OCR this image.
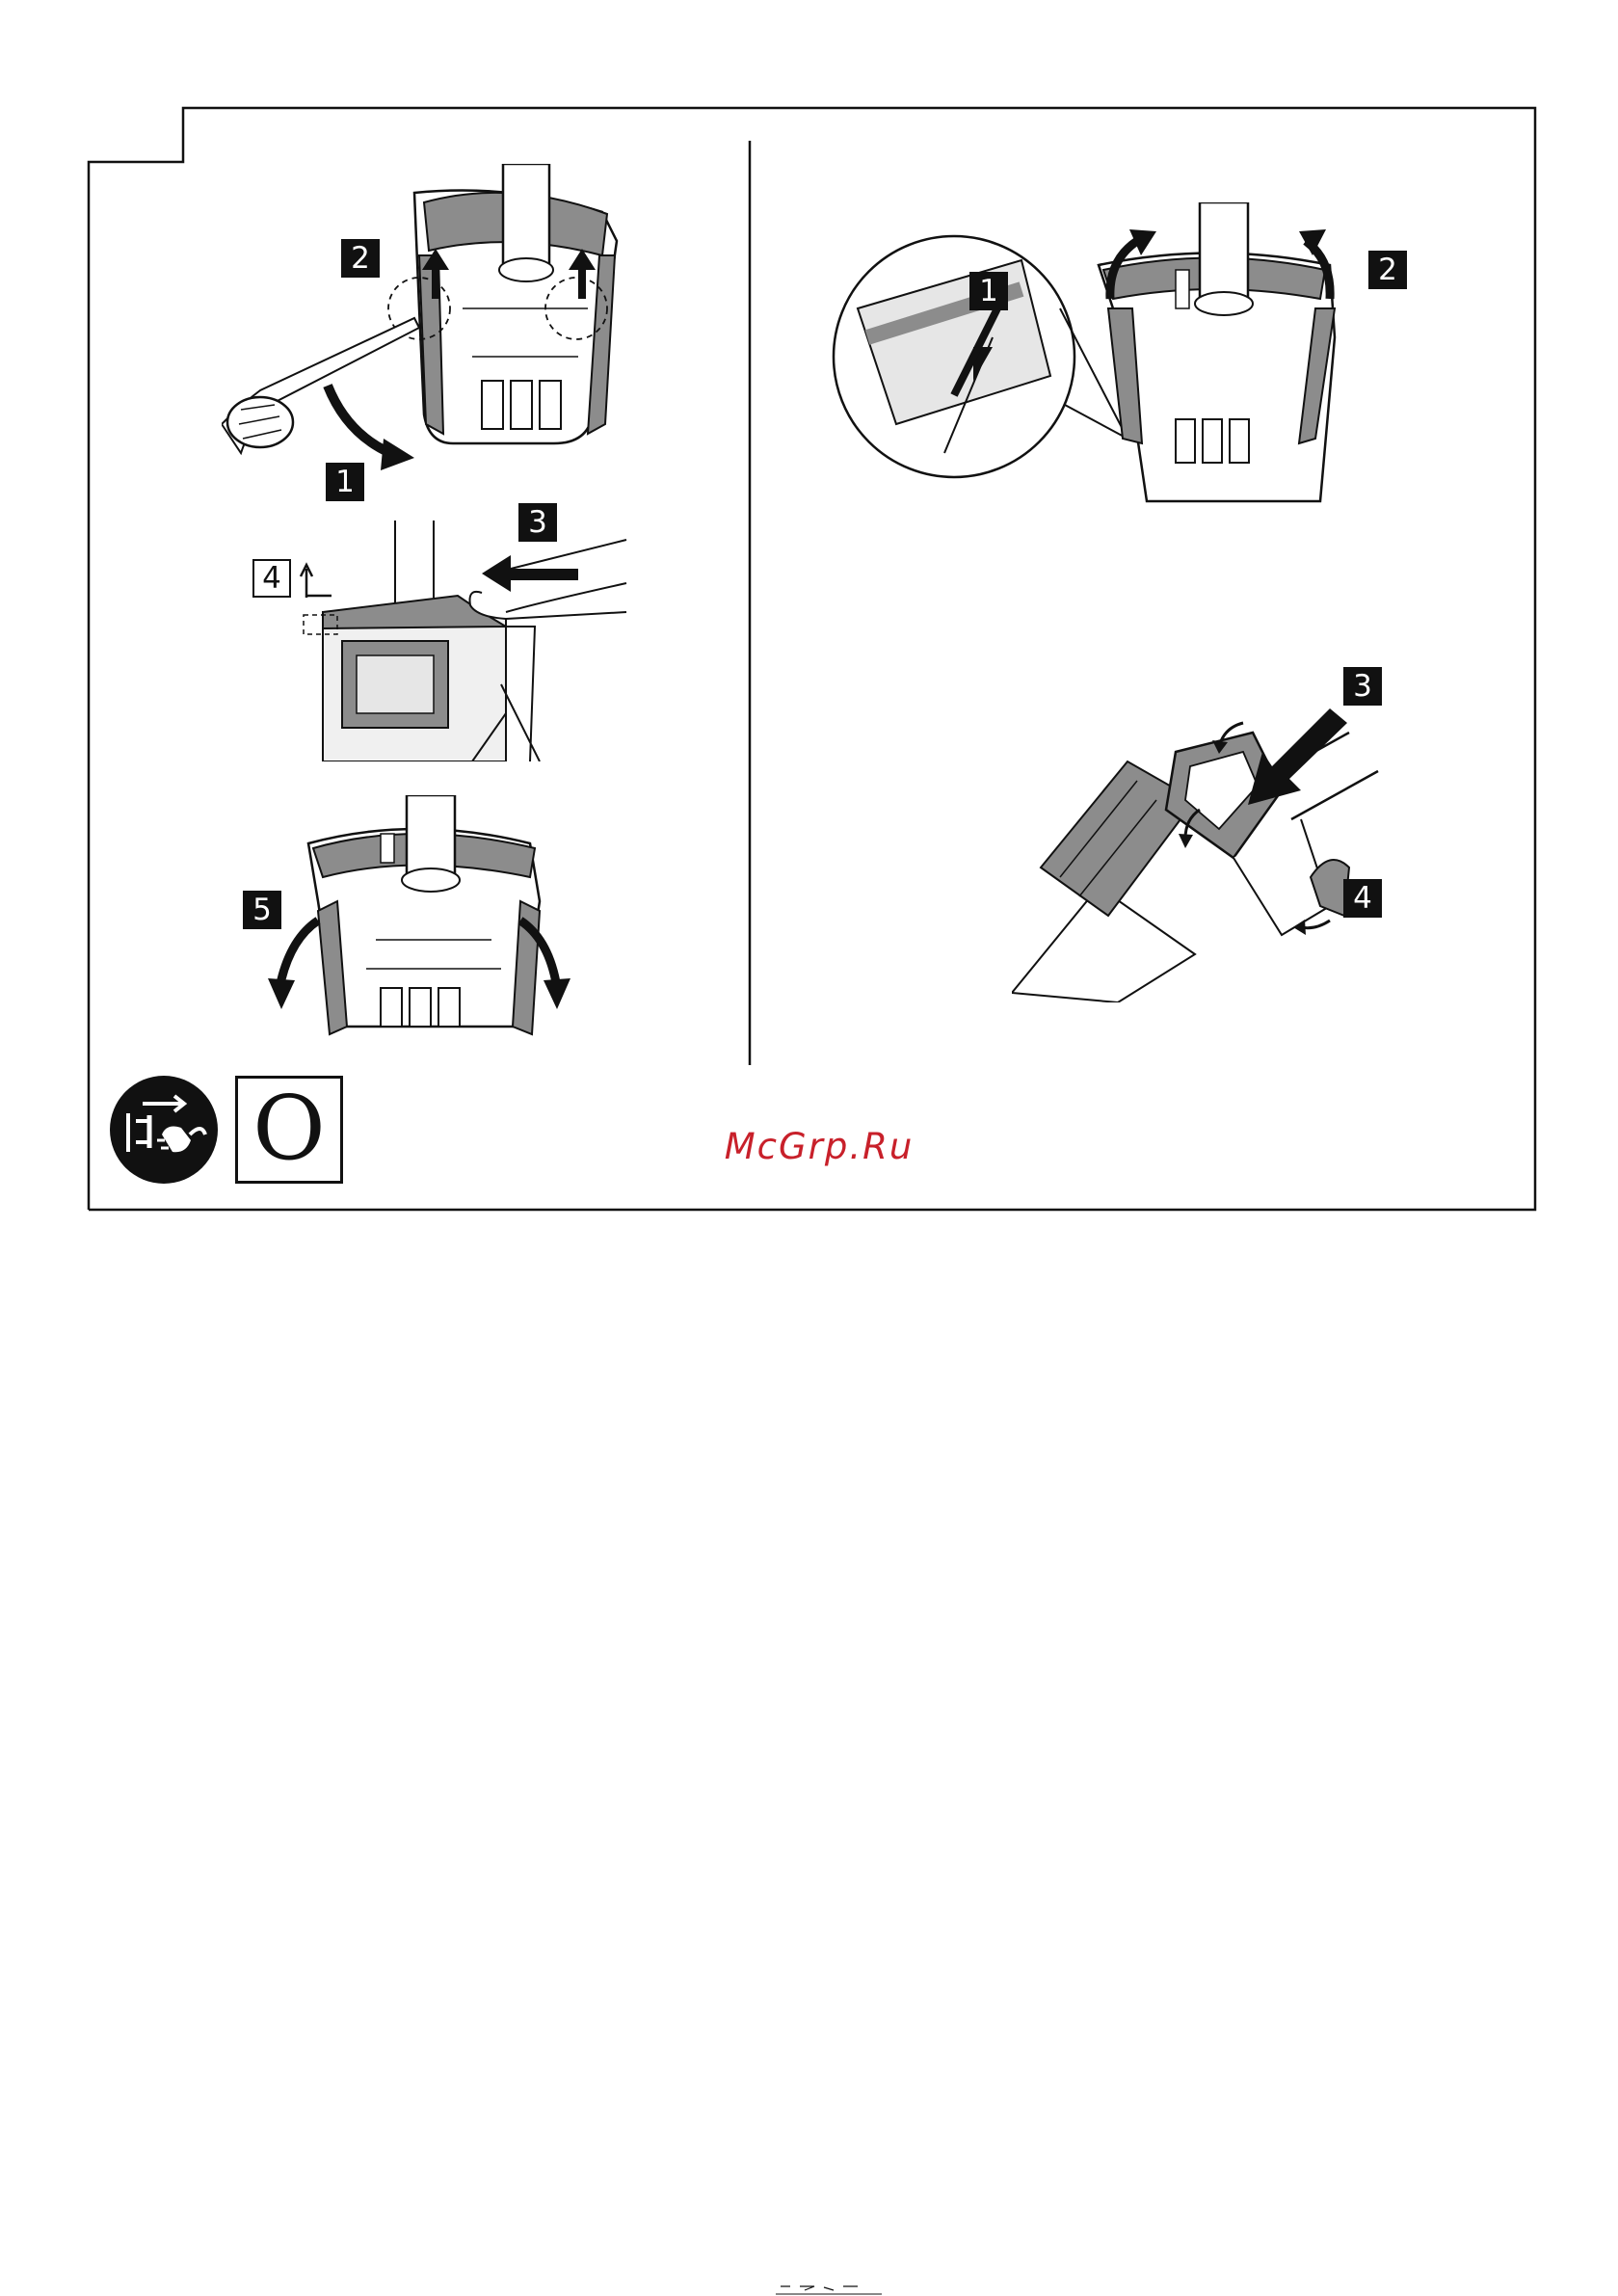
2
1
3
4
5
1
2
3
4
O	McGrp.Ru
